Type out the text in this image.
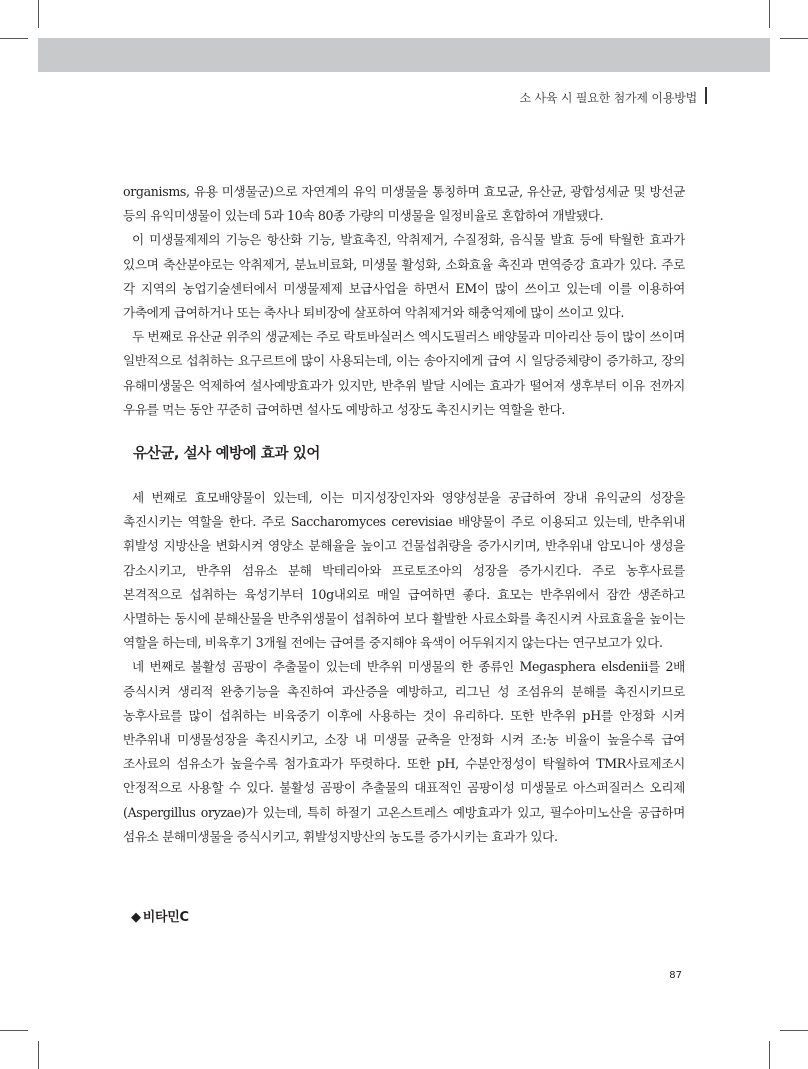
소 사육 시 필요한 첨가제 이용방법

organisms, 유용 미생물군)으로 자연계의 유익 미생물을 통칭하며 효모균, 유산균, 광합성세균 및 방선균 등의 유익미생물이 있는데 5과 10속 80종 가량의 미생물을 일정비율로 혼합하여 개발됐다.

이 미생물제제의 기능은 항산화 기능, 발효촉진, 악취제거, 수질정화, 음식물 발효 등에 탁월한 효과가 있으며 축산분야로는 악취제거, 분뇨비료화, 미생물 활성화, 소화효율 촉진과 면역증강 효과가 있다. 주로 각 지역의 농업기술센터에서 미생물제제 보급사업을 하면서 EM이 많이 쓰이고 있는데 이를 이용하여 가축에게 급여하거나 또는 축사나 퇴비장에 살포하여 악취제거와 해충억제에 많이 쓰이고 있다.

두 번째로 유산균 위주의 생균제는 주로 락토바실러스 엑시도필러스 배양물과 미아리산 등이 많이 쓰이며 일반적으로 섭취하는 요구르트에 많이 사용되는데, 이는 송아지에게 급여 시 일당증체량이 증가하고, 장의 유해미생물은 억제하여 설사예방효과가 있지만, 반추위 발달 시에는 효과가 떨어져 생후부터 이유 전까지 우유를 먹는 동안 꾸준히 급여하면 설사도 예방하고 성장도 촉진시키는 역할을 한다.

유산균, 설사 예방에 효과 있어

세 번째로 효모배양물이 있는데, 이는 미지성장인자와 영양성분을 공급하여 장내 유익균의 성장을 촉진시키는 역할을 한다. 주로 Saccharomyces cerevisiae 배양물이 주로 이용되고 있는데, 반추위내 휘발성 지방산을 변화시켜 영양소 분해율을 높이고 건물섭취량을 증가시키며, 반추위내 암모니아 생성을 감소시키고, 반추위 섬유소 분해 박테리아와 프로토조아의 성장을 증가시킨다. 주로 농후사료를 본격적으로 섭취하는 육성기부터 10g내외로 매일 급여하면 좋다. 효모는 반추위에서 잠깐 생존하고 사멸하는 동시에 분해산물을 반추위생물이 섭취하여 보다 활발한 사료소화를 촉진시켜 사료효율을 높이는 역할을 하는데, 비육후기 3개월 전에는 급여를 중지해야 육색이 어두워지지 않는다는 연구보고가 있다.

네 번째로 불활성 곰팡이 추출물이 있는데 반추위 미생물의 한 종류인 Megasphera elsdenii를 2배 증식시켜 생리적 완충기능을 촉진하여 과산증을 예방하고, 리그닌 성 조섬유의 분해를 촉진시키므로 농후사료를 많이 섭취하는 비육중기 이후에 사용하는 것이 유리하다. 또한 반추위 pH를 안정화 시켜 반추위내 미생물성장을 촉진시키고, 소장 내 미생물 균축을 안정화 시켜 조:농 비율이 높을수록 급여 조사료의 섬유소가 높을수록 첨가효과가 뚜렷하다. 또한 pH, 수분안정성이 탁월하여 TMR사료제조시 안정적으로 사용할 수 있다. 불활성 곰팡이 추출물의 대표적인 곰팡이성 미생물로 아스퍼질러스 오리제(Aspergillus oryzae)가 있는데, 특히 하절기 고온스트레스 예방효과가 있고, 필수아미노산을 공급하며 섬유소 분해미생물을 증식시키고, 휘발성지방산의 농도를 증가시키는 효과가 있다.

◆ 비타민C
87
